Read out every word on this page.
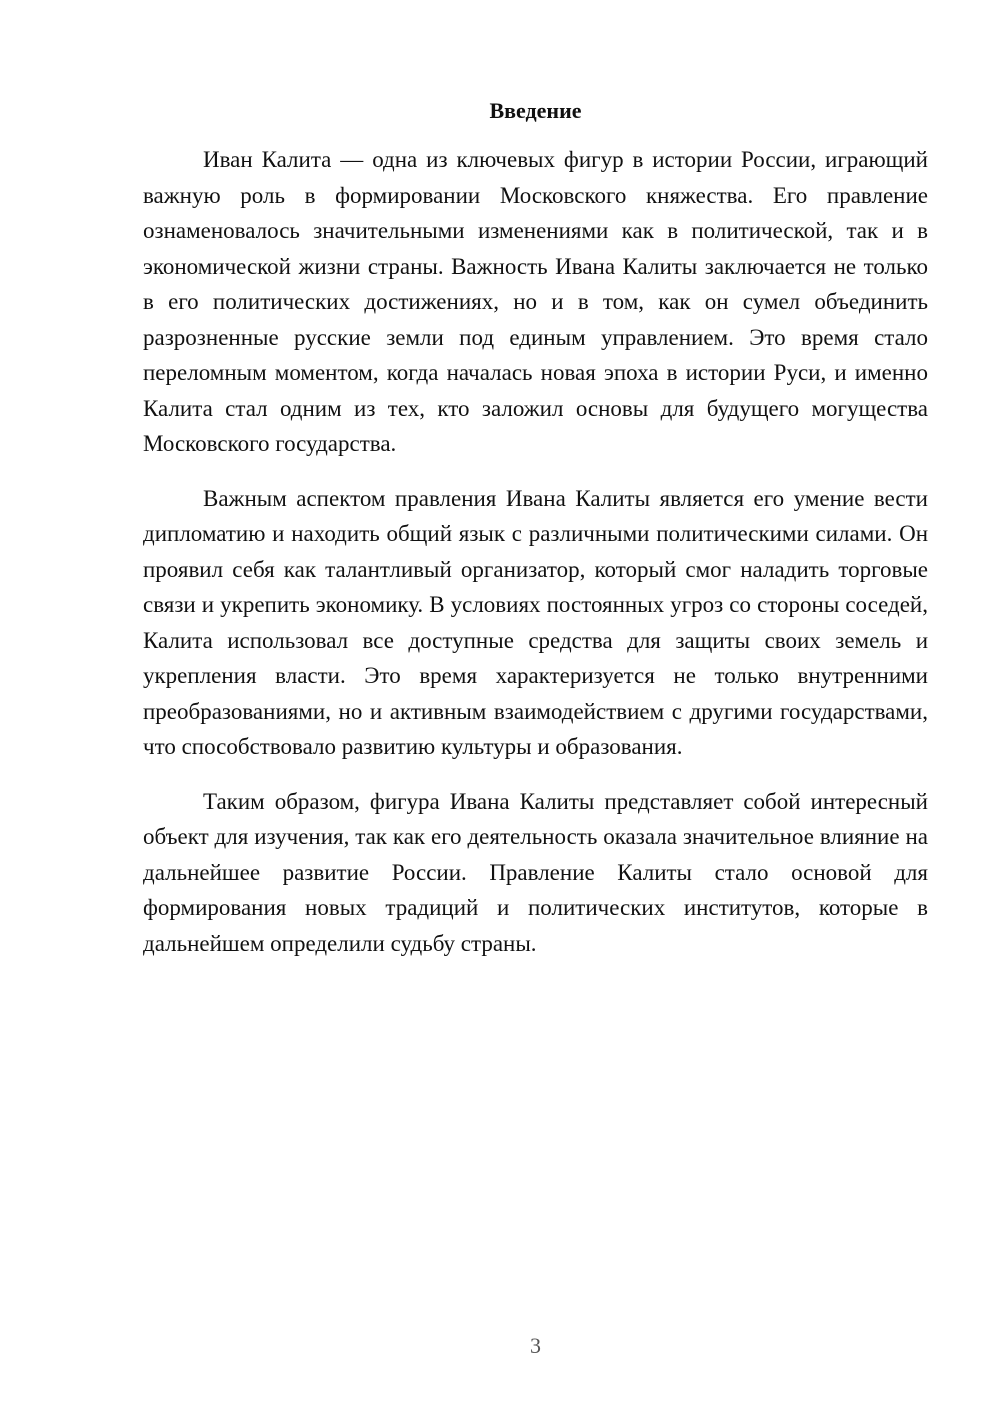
Введение

Иван Калита — одна из ключевых фигур в истории России, играющий важную роль в формировании Московского княжества. Его правление ознаменовалось значительными изменениями как в политической, так и в экономической жизни страны. Важность Ивана Калиты заключается не только в его политических достижениях, но и в том, как он сумел объединить разрозненные русские земли под единым управлением. Это время стало переломным моментом, когда началась новая эпоха в истории Руси, и именно Калита стал одним из тех, кто заложил основы для будущего могущества Московского государства.

Важным аспектом правления Ивана Калиты является его умение вести дипломатию и находить общий язык с различными политическими силами. Он проявил себя как талантливый организатор, который смог наладить торговые связи и укрепить экономику. В условиях постоянных угроз со стороны соседей, Калита использовал все доступные средства для защиты своих земель и укрепления власти. Это время характеризуется не только внутренними преобразованиями, но и активным взаимодействием с другими государствами, что способствовало развитию культуры и образования.

Таким образом, фигура Ивана Калиты представляет собой интересный объект для изучения, так как его деятельность оказала значительное влияние на дальнейшее развитие России. Правление Калиты стало основой для формирования новых традиций и политических институтов, которые в дальнейшем определили судьбу страны.

3
